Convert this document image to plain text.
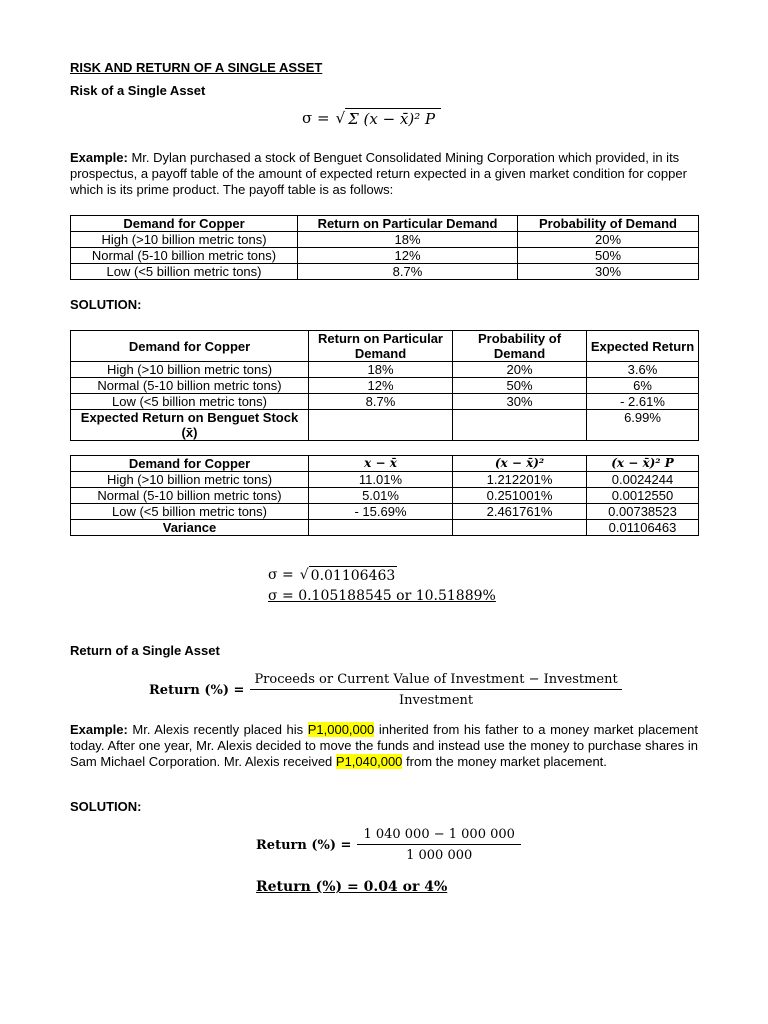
RISK AND RETURN OF A SINGLE ASSET
Risk of a Single Asset
σ = √ Σ (x − x̄)² P
Example: Mr. Dylan purchased a stock of Benguet Consolidated Mining Corporation which provided, in its prospectus, a payoff table of the amount of expected return expected in a given market condition for copper which is its prime product. The payoff table is as follows:
Demand for Copper	Return on Particular Demand	Probability of Demand
High (>10 billion metric tons)	18%	20%
Normal (5-10 billion metric tons)	12%	50%
Low (<5 billion metric tons)	8.7%	30%
SOLUTION:
Demand for Copper	Return on Particular Demand	Probability of Demand	Expected Return
High (>10 billion metric tons)	18%	20%	3.6%
Normal (5-10 billion metric tons)	12%	50%	6%
Low (<5 billion metric tons)	8.7%	30%	- 2.61%
Expected Return on Benguet Stock (x̄)			6.99%
Demand for Copper	x − x̄	(x − x̄)²	(x − x̄)² P
High (>10 billion metric tons)	11.01%	1.212201%	0.0024244
Normal (5-10 billion metric tons)	5.01%	0.251001%	0.0012550
Low (<5 billion metric tons)	- 15.69%	2.461761%	0.00738523
Variance			0.01106463
σ = √ 0.01106463
σ = 0.105188545 or 10.51889%
Return of a Single Asset
Return (%) = $\frac{\text{Proceeds or Current Value of Investment − Investment}}{\text{Investment}}$
Example: Mr. Alexis recently placed his P1,000,000 inherited from his father to a money market placement today. After one year, Mr. Alexis decided to move the funds and instead use the money to purchase shares in Sam Michael Corporation. Mr. Alexis received P1,040,000 from the money market placement.
SOLUTION:
Return (%) = $\frac{1 040 000 - 1 000 000}{1 000 000}$
Return (%) = 0.04 or 4%
